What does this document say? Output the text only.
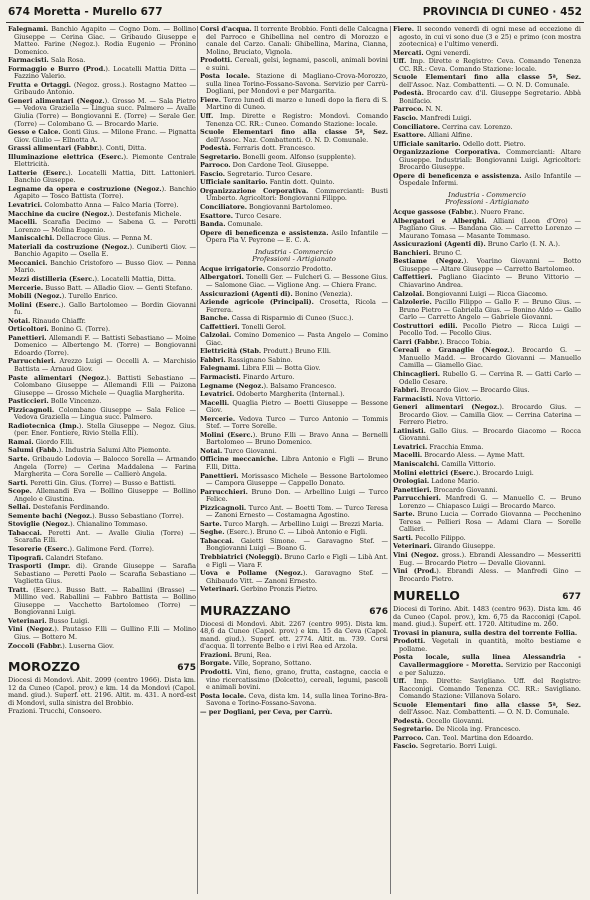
674 Moretta - Murello 677	PROVINCIA DI CUNEO · 452

Falegnami. Banchio Agapito — Cogno Dom. — Bollino Giuseppe — Cerina Giac. — Gribaudo Giuseppe e Matteo. Farine (Negoz.). Rodia Eugenio — Pronino Domenico.

Farmacisti. Sala Rosa.

Formaggio e Burro (Prod.). Locatelli Mattia Ditta — Fazzino Valerio.

Frutta e Ortaggi. (Negoz. gross.). Rostagno Matteo — Gribaudo Antonio.

Generi alimentari (Negoz.). Grosso M. — Sala Pietro — Vedova Graziella — Lingua succ. Palmero — Avalle Giulia (Torre) — Bongiovanni E. (Torre) — Serale Ger. (Torre) — Colombano G. — Brocardo Marie.

Gesso e Calce. Gonti Gius. — Milone Franc. — Pignatta Giov. Giulio — Ellnotta A.

Grassi alimentari (Fabbr.). Conti, Ditta.

Illuminazione elettrica (Eserc.). Piemonte Centrale Elettricità.

Latterie (Eserc.). Locatelli Mattia, Ditt. Lattonieri. Banchio Giuseppe.

Legname da opera e costruzione (Negoz.). Banchio Agapito — Tosco Battista (Torre).

Levatrici. Colombatto Anna — Falco Maria (Torre).

Macchine da cucire (Negoz.). Destefanis Michele.

Macelli. Scarafia Decimo — Sabena G. — Perotti Lorenzo — Molina Eugenio.

Maniscalchi. Dellacroce Gius. — Penna M.

Materiali da costruzione (Negoz.). Cuniberti Giov. — Banchio Agapito — Osella E.

Meccanici. Banchio Cristoforo — Busso Giov. — Penna Mario.

Mezzi distilleria (Eserc.). Locatelli Mattia, Ditta.

Mercerie. Busso Batt. — Alladio Giov. — Genti Stefano.

Mobili (Negoz.). Turello Enrico.

Molini (Eserc.). Gallo Bartolomeo — Bordin Giovanni fu.

Notai. Rinaudo Chiaffr.

Orticoltori. Bonino G. (Torre).

Panettieri. Allemandi F. — Battisti Sebastiano — Moine Domenico — Albertengo M. (Torre) — Bongiovanni Edoardo (Torre).

Parrucchieri. Arezzo Luigi — Occelli A. — Marchisio Battista — Arnaud Giov.

Paste alimentari (Negoz.). Battisti Sebastiano — Colombano Giuseppe — Allemandi F.lli — Paizona Giuseppe — Grosso Michele — Quaglia Margherita.

Pasticcieri. Bolle Vincenzo.

Pizzicagnoli. Colombano Giuseppe — Sala Felice — Vedova Graziella — Lingua succ. Palmero.

Radiotecnica (Imp.). Stella Giuseppe — Negoz. Gius. (per. Ener. Fontiere, Rivio Stella F.lli).

Ramai. Giordo F.lli.

Salumi (Fabb.). Industria Salumi Alto Piemonte.

Sarte. Gribaudo Lodovia — Balocco Sorella — Armando Angela (Torre) — Cerina Maddalena — Farina Margherita — Cora Sorelle — Callierò Angela.

Sarti. Peretti Gin. Gius. (Torre) — Busso e Battisti.

Scope. Allemandi Eva — Bollino Giuseppe — Bollino Angelo e Giustina.

Sellai. Destefanis Ferdinando.

Semente bachi (Negoz.). Busso Sebastiano (Torre).

Stoviglie (Negoz.). Chianalino Tommaso.

Tabaccai. Peretti Ant. — Avalle Giulia (Torre) — Scarafia F.lli.

Tesorerie (Eserc.). Galimone Ferd. (Torre).

Tipografi. Calandri Stefano.

Trasporti (Impr. di). Grande Giuseppe — Sarafia Sebastiano — Peretti Paolo — Scarafia Sebastiano — Vaglietta Gius.

Tratt. (Eserc.). Busso Batt. — Raballini (Brasse) — Millino ved. Raballini — Fabbro Battista — Bollino Giuseppe — Vacchetto Bartolomeo (Torre) — Bongiovanni Luigi.

Veterinari. Busso Luigi.

Vini (Negoz.). Pautasso F.lli — Gullino F.lli — Molino Gius. — Bottero M.

Zoccoli (Fabbr.). Luserna Giov.

MOROZZO	675

Diocesi di Mondovì. Abit. 2099 (centro 1966). Dista km. 12 da Cuneo (Capol. prov.) e km. 14 da Mondovì (Capol. mand. giud.). Superf. ett. 2196. Altit. m. 431. A nord-est di Mondovì, sulla sinistra del Brobbio.

Frazioni. Trucchi, Consoero.

Corsi d'acqua. Il torrente Brobbio. Fonti delle Calcagna del Parroco e Ghibellina nel centro di Morozzo e canale del Carzo. Canali: Ghibellina, Marina, Cianna, Molino, Bruciato, Vignola.

Prodotti. Cereali, gelsi, legnami, pascoli, animali bovini e suini.

Posta locale. Stazione di Magliano-Crova-Morozzo, sulla linea Torino-Fossano-Savona. Servizio per Carrù-Dogliani, per Mondovì e per Margarita.

Fiere. Terzo lunedì di marzo e lunedì dopo la fiera di S. Martino di Cuneo.

Uff. Imp. Dirette e Registro: Mondovì. Comando Tenenza CC. RR.: Cuneo. Comando Stazione: locale.

Scuole Elementari fino alla classe 5ª, Sez. dell'Assoc. Naz. Combattenti. O. N. D. Comunale.

Podestà. Ferraris dott. Francesco.

Segretario. Bonelli geom. Alfonso (supplente).

Parroco. Don Cardone Teol. Giuseppe.

Fascio. Segretario. Turco Cesare.

Ufficiale sanitario. Fantin dott. Quinto.

Organizzazione Corporativa. Commercianti: Busti Umberto. Agricoltori: Bongiovanni Filippo.

Conciliatore. Bongiovanni Bartolomeo.

Esattore. Turco Cesare.

Banda. Comunale.

Opere di beneficenza e assistenza. Asilo Infantile — Opera Pia V. Peyrone — E. C. A.

Industria - Commercio
Professioni - Artigianato

Acque irrigatorie. Consorzio Prodotto.

Albergatori. Tonelli Ger. — Fulcheri G. — Bessone Gius. — Salomone Giac. — Viglione Ang. — Chiera Franc.

Assicurazioni (Agenti di). Bonino (Venezia).

Aziende agricole (Principali). Crosetta, Ricola — Ferrera.

Banche. Cassa di Risparmio di Cuneo (Succ.).

Caffettieri. Tonelli Gerol.

Calzolai. Comino Domenico — Pasta Angelo — Comino Giac.

Elettricità (Stab. Produtt.) Bruno F.lli.

Fabbri. Rassignano Sabino.

Falegnami. Libra F.lli — Botta Giov.

Farmacisti. Finardo Arturo.

Legname (Negoz.). Balsamo Francesco.

Levatrici. Odoberto Margherita (Internal.).

Macelli. Quaglia Pietro — Boetti Giuseppe — Bessone Giov.

Mercerie. Vedova Turco — Turco Antonio — Tommis Stef. — Torre Sorelle.

Molini (Eserc.). Bruno F.lli — Bravo Anna — Bernelli Bartolomeo — Bruno Domenico.

Notai. Turco Giovanni.

Officine meccaniche. Libra Antonio e Figli — Bruno F.lli, Ditta.

Panettieri. Morissasco Michele — Bessone Bartolomeo — Campora Giuseppe — Cappello Donato.

Parrucchieri. Bruno Don. — Arbellino Luigi — Turco Felice.

Pizzicagnoli. Turco Ant. — Boetti Tom. — Turco Teresa — Zanoni Ernesto — Costamagna Agostino.

Sarte. Turco Margh. — Arbellino Luigi — Brezzi Maria.

Seghe. (Eserc.). Bruno C. — Liboà Antonio e Figli.

Tabaccai. Gaietti Simone. — Garavagno Stef. — Bongiovanni Luigi — Boano G.

Trebbiatrici (Noleggi). Bruno Carlo e Figli — Libà Ant. e Figli — Viara F.

Uova e Pollame (Negoz.). Garavagno Stef. — Ghibaudo Vitt. — Zanoni Ernesto.

Veterinari. Gerbino Pronzis Pietro.

MURAZZANO	676

Diocesi di Mondovì. Abit. 2267 (centro 995). Dista km. 48,6 da Cuneo (Capol. prov.) e km. 15 da Ceva (Capol. mand. giud.). Superf. ett. 2774. Altit. m. 739. Corsi d'acqua. Il torrente Belbo e i rivi Rea ed Arzola.

Frazioni. Bruni, Rea.

Borgate. Ville, Soprano, Sottano.

Prodotti. Vini, fieno, grano, frutta, castagne, caccia e vino ricercatissimo (Dolcetto), cereali, legumi, pascoli e animali bovini.

Posta locale. Ceva, dista km. 14, sulla linea Torino-Bra-Savona e Torino-Fossano-Savona.

— per Dogliani, per Ceva, per Carrù.

Fiere. Il secondo venerdì di ogni mese ad eccezione di agosto, in cui vi sono due (3 e 25) e primo (con mostra zootecnica) e l'ultimo venerdì.

Mercati. Ogni venerdì.

Uff. Imp. Dirette e Registro: Ceva. Comando Tenenza CC. RR.: Ceva. Comando Stazione: locale.

Scuole Elementari fino alla classe 5ª, Sez. dell'Assoc. Naz. Combattenti. — O. N. D. Comunale.

Podestà. Brocardo cav. d'il. Giuseppe Segretario. Abbà Bonifacio.

Parroco. N. N.

Fascio. Manfredi Luigi.

Conciliatore. Cerrina cav. Lorenzo.

Esattore. Alliani Alfine.

Ufficiale sanitario. Odello dott. Pietro.

Organizzazione Corporativa. Commercianti: Altare Giuseppe. Industriali: Bongiovanni Luigi. Agricoltori: Brocardo Giuseppe.

Opere di beneficenza e assistenza. Asilo Infantile — Ospedale Infermi.

Industria - Commercio
Professioni - Artigianato

Acque gassose (Fabbr.). Nuero Franc.

Albergatori e Alberghi. Alliani (Leon d'Oro) — Pagliano Gius. — Bandana Gio. — Carretto Lorenzo — Maurano Tomasa — Masante Tommaso.

Assicurazioni (Agenti di). Bruno Carlo (I. N. A.).

Banchieri. Bruno C.

Bestiame (Negoz.). Voarino Giovanni — Botto Giuseppe — Altare Giuseppe — Carretto Bartolomeo.

Caffettieri. Pagliano Giacinto — Bruno Vittorio — Chiavarino Andrea.

Calzolai. Bongiovanni Luigi — Ricca Giacomo.

Calzolerie. Pacillo Filippo — Gallo F. — Bruno Gius. — Bruno Pietro — Gabriella Gius. — Bonino Aldo — Gallo Carlo — Carretto Angelo — Gabriele Giovanni.

Costruttori edili. Pecollo Pietro — Ricca Luigi — Pecollo Tod. — Pecollo Gius.

Carri (Fabbr.). Bracco Tobia.

Cereali e Granaglie (Negoz.). Brocardo G. — Manuello Madd. — Brocardo Giovanni — Manuello Camilla — Giamello Giac.

Chincaglieri. Rubello G. — Cerrina R. — Gatti Carlo — Odello Cesare.

Fabbri. Brocardo Giov. — Brocardo Gius.

Farmacisti. Nova Vittorio.

Generi alimentari (Negoz.). Brocardo Gius. — Brocardo Giov. — Camilla Giov. — Cerrina Caterina — Ferrero Pietro.

Latinisti. Gallo Gius. — Brocardo Giacomo — Rocca Giovanni.

Levatrici. Fracchia Emma.

Macelli. Brocardo Aless. — Ayme Matt.

Maniscalchi. Camilla Vittorio.

Molini elettrici (Eserc.). Brocardo Luigi.

Orologiai. Ladone Mario.

Panettieri. Brocardo Giovanni.

Parrucchieri. Manfredi G. — Manuello C. — Bruno Lorenzo — Chiapasco Luigi — Brocardo Marco.

Sarte. Bruno Lucia — Corrado Giovanna — Pecchenino Teresa — Pellieri Rosa — Adami Clara — Sorelle Callieri.

Sarti. Pecollo Filippo.

Veterinari. Girando Giuseppe.

Vini (Negoz. gross.). Ebrandi Alessandro — Messeritti Eug. — Brocardo Pietro — Devalle Giovanni.

Vini (Prod.). Ebrandi Aless. — Manfredi Gino — Brocardo Pietro.

MURELLO	677

Diocesi di Torino. Abit. 1483 (centro 963). Dista km. 46 da Cuneo (Capol. prov.), km. 6,75 da Racconigi (Capol. mand. giud.). Superf. ett. 1720. Altitudine m. 260.

Trovasi in pianura, sulla destra del torrente Follia.

Prodotti. Vegetali in quantità, molto bestiame e pollame.

Posta locale, sulla linea Alessandria - Cavallermaggiore - Moretta. Servizio per Racconigi e per Saluzzo.

Uff. Imp. Dirette: Savigliano. Uff. del Registro: Racconigi. Comando Tenenza CC. RR.: Savigliano. Comando Stazione: Villanova Solaro.

Scuole Elementari fino alla classe 5ª, Sez. dell'Assoc. Naz. Combattenti. — O. N. D. Comunale.

Podestà. Occello Giovanni.

Segretario. De Nicola ing. Francesco.

Parroco. Can. Teol. Martina don Edoardo.

Fascio. Segretario. Borri Luigi.
